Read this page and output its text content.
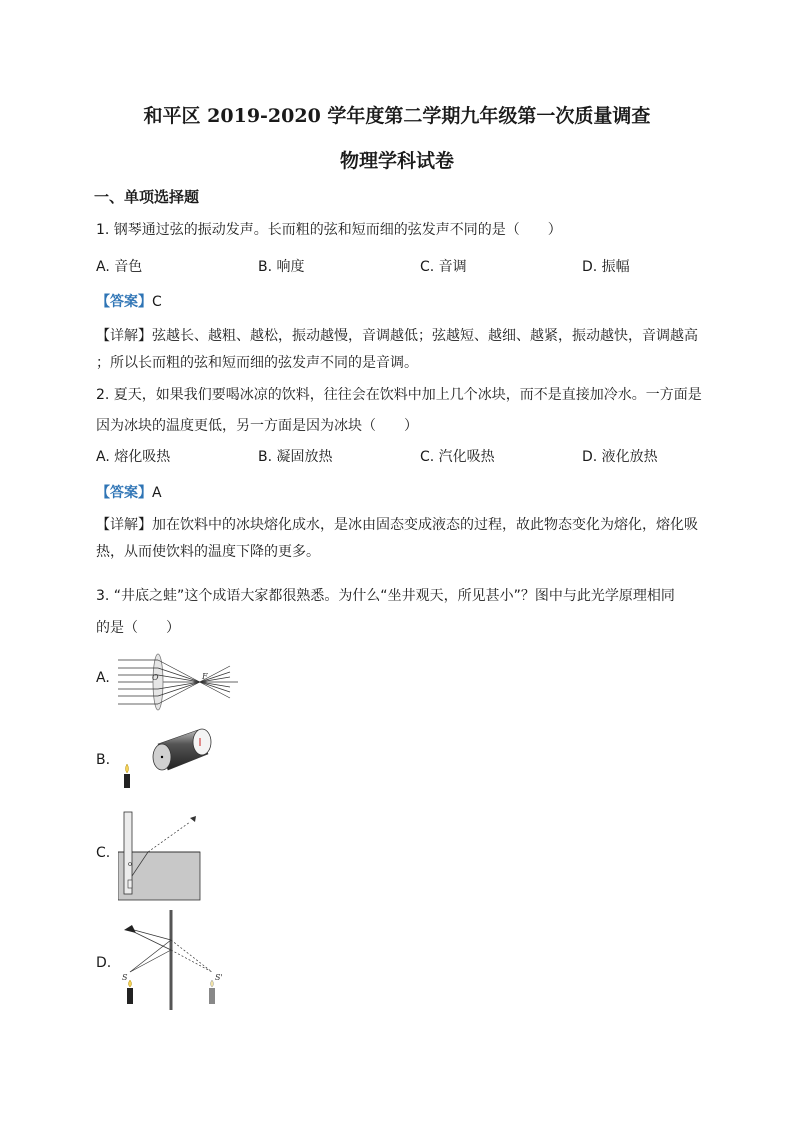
和平区 2019-2020 学年度第二学期九年级第一次质量调查
物理学科试卷
一、单项选择题
1. 钢琴通过弦的振动发声。长而粗的弦和短而细的弦发声不同的是（　　）
A. 音色	B. 响度	C. 音调	D. 振幅
【答案】C
【详解】弦越长、越粗、越松，振动越慢，音调越低；弦越短、越细、越紧，振动越快，音调越高
；所以长而粗的弦和短而细的弦发声不同的是音调。
2. 夏天，如果我们要喝冰凉的饮料，往往会在饮料中加上几个冰块，而不是直接加冷水。一方面是
因为冰块的温度更低，另一方面是因为冰块（　　）
A. 熔化吸热	B. 凝固放热	C. 汽化吸热	D. 液化放热
【答案】A
【详解】加在饮料中的冰块熔化成水，是冰由固态变成液态的过程，故此物态变化为熔化，熔化吸
热，从而使饮料的温度下降的更多。
3. “井底之蛙”这个成语大家都很熟悉。为什么“坐井观天，所见甚小”？图中与此光学原理相同
的是（　　）
A.	O	F
B.
C.
D.
S	S'
